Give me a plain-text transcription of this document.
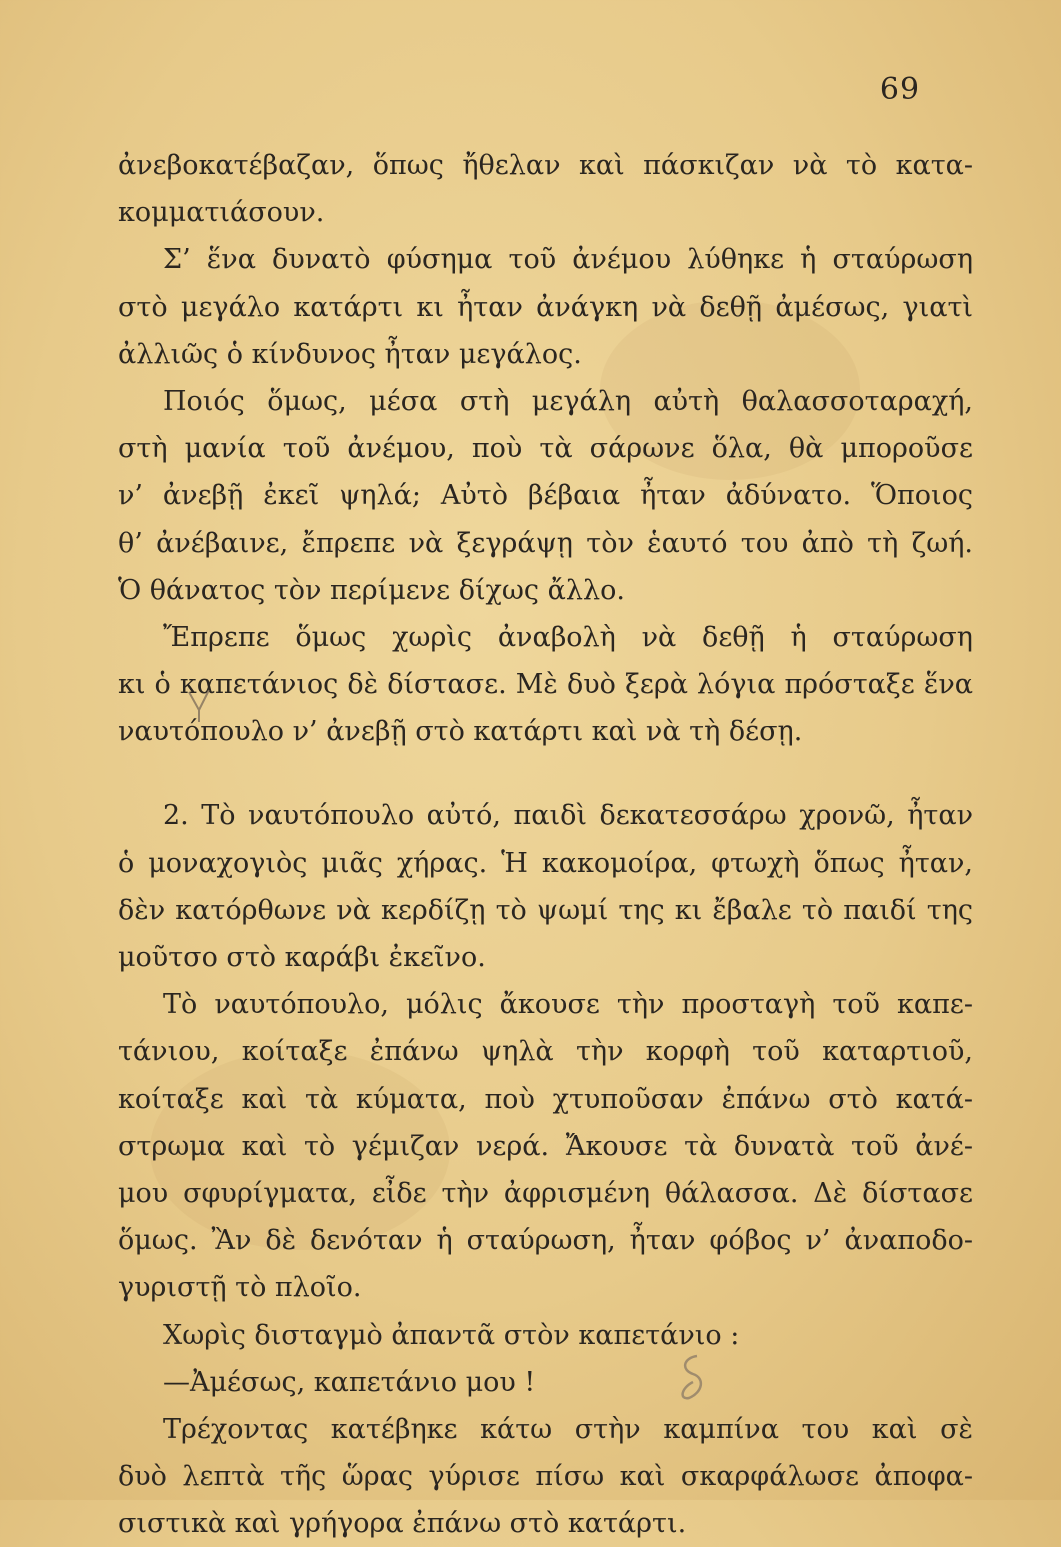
69
ἀνεβοκατέβαζαν, ὅπως ἤθελαν καὶ πάσκιζαν νὰ τὸ κατα-
κομματιάσουν.
Σ’ ἕνα δυνατὸ φύσημα τοῦ ἀνέμου λύθηκε ἡ σταύρωση
στὸ μεγάλο κατάρτι κι ἦταν ἀνάγκη νὰ δεθῇ ἀμέσως, γιατὶ
ἀλλιῶς ὁ κίνδυνος ἦταν μεγάλος.
Ποιός ὅμως, μέσα στὴ μεγάλη αὐτὴ θαλασσοταραχή,
στὴ μανία τοῦ ἀνέμου, ποὺ τὰ σάρωνε ὅλα, θὰ μποροῦσε
ν’ ἀνεβῇ ἐκεῖ ψηλά; Αὐτὸ βέβαια ἦταν ἀδύνατο. Ὅποιος
θ’ ἀνέβαινε, ἔπρεπε νὰ ξεγράψῃ τὸν ἑαυτό του ἀπὸ τὴ ζωή.
Ὁ θάνατος τὸν περίμενε δίχως ἄλλο.
Ἔπρεπε ὅμως χωρὶς ἀναβολὴ νὰ δεθῇ ἡ σταύρωση
κι ὁ καπετάνιος δὲ δίστασε. Μὲ δυὸ ξερὰ λόγια πρόσταξε ἕνα
ναυτόπουλο ν’ ἀνεβῇ στὸ κατάρτι καὶ νὰ τὴ δέσῃ.
2. Τὸ ναυτόπουλο αὐτό, παιδὶ δεκατεσσάρω χρονῶ, ἦταν
ὁ μοναχογιὸς μιᾶς χήρας. Ἡ κακομοίρα, φτωχὴ ὅπως ἦταν,
δὲν κατόρθωνε νὰ κερδίζῃ τὸ ψωμί της κι ἔβαλε τὸ παιδί της
μοῦτσο στὸ καράβι ἐκεῖνο.
Τὸ ναυτόπουλο, μόλις ἄκουσε τὴν προσταγὴ τοῦ καπε-
τάνιου, κοίταξε ἐπάνω ψηλὰ τὴν κορφὴ τοῦ καταρτιοῦ,
κοίταξε καὶ τὰ κύματα, ποὺ χτυποῦσαν ἐπάνω στὸ κατά-
στρωμα καὶ τὸ γέμιζαν νερά. Ἄκουσε τὰ δυνατὰ τοῦ ἀνέ-
μου σφυρίγματα, εἶδε τὴν ἀφρισμένη θάλασσα. Δὲ δίστασε
ὅμως. Ἂν δὲ δενόταν ἡ σταύρωση, ἦταν φόβος ν’ ἀναποδο-
γυριστῇ τὸ πλοῖο.
Χωρὶς δισταγμὸ ἀπαντᾶ στὸν καπετάνιο :
—Ἀμέσως, καπετάνιο μου !
Τρέχοντας κατέβηκε κάτω στὴν καμπίνα του καὶ σὲ
δυὸ λεπτὰ τῆς ὥρας γύρισε πίσω καὶ σκαρφάλωσε ἀποφα-
σιστικὰ καὶ γρήγορα ἐπάνω στὸ κατάρτι.
